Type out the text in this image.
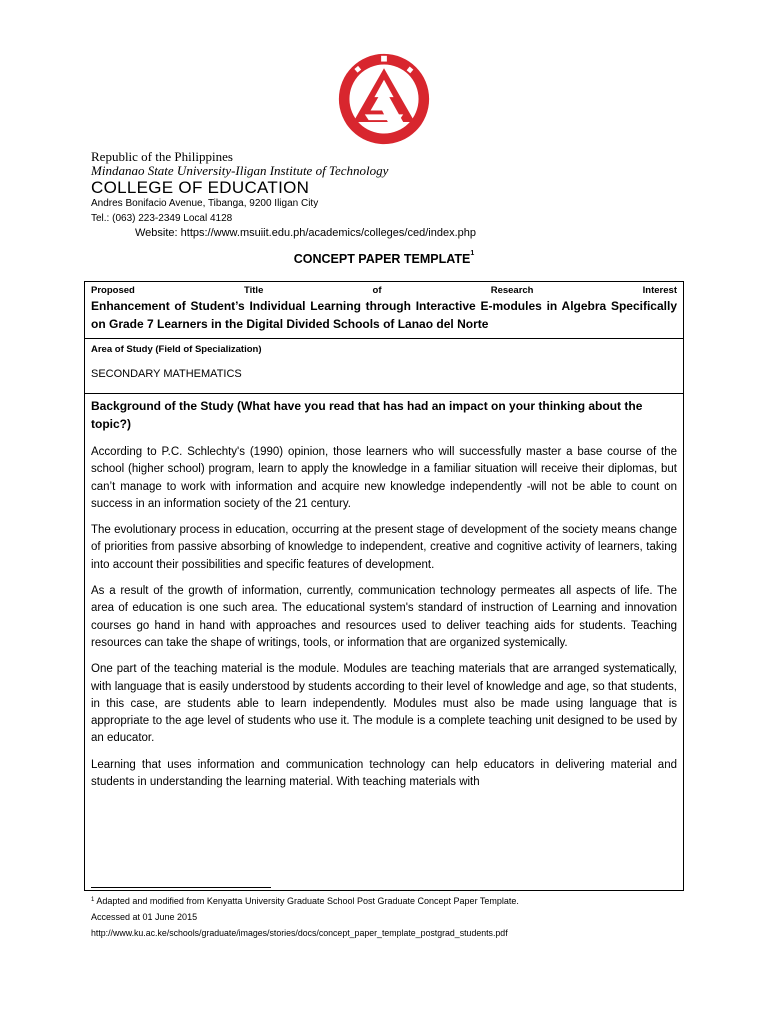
Republic of the Philippines
Mindanao State University-Iligan Institute of Technology
COLLEGE OF EDUCATION
Andres Bonifacio Avenue, Tibanga, 9200 Iligan City
Tel.: (063) 223-2349 Local 4128
Website: https://www.msuiit.edu.ph/academics/colleges/ced/index.php
CONCEPT PAPER TEMPLATE$^1$
Proposed	Title	of	Research	Interest
Enhancement of Student’s Individual Learning through Interactive E-modules in Algebra Specifically on Grade 7 Learners in the Digital Divided Schools of Lanao del Norte
Area of Study (Field of Specialization)
SECONDARY MATHEMATICS
Background of the Study (What have you read that has had an impact on your thinking about the topic?)
According to P.C. Schlechty's (1990) opinion, those learners who will successfully master a base course of the school (higher school) program, learn to apply the knowledge in a familiar situation will receive their diplomas, but can’t manage to work with information and acquire new knowledge independently -will not be able to count on success in an information society of the 21 century.
The evolutionary process in education, occurring at the present stage of development of the society means change of priorities from passive absorbing of knowledge to independent, creative and cognitive activity of learners, taking into account their possibilities and specific features of development.
As a result of the growth of information, currently, communication technology permeates all aspects of life. The area of education is one such area. The educational system's standard of instruction of Learning and innovation courses go hand in hand with approaches and resources used to deliver teaching aids for students. Teaching resources can take the shape of writings, tools, or information that are organized systemically.
One part of the teaching material is the module. Modules are teaching materials that are arranged systematically, with language that is easily understood by students according to their level of knowledge and age, so that students, in this case, are students able to learn independently. Modules must also be made using language that is appropriate to the age level of students who use it. The module is a complete teaching unit designed to be used by an educator.
Learning that uses information and communication technology can help educators in delivering material and students in understanding the learning material. With teaching materials with
$^1$ Adapted and modified from Kenyatta University Graduate School Post Graduate Concept Paper Template.
Accessed at 01 June 2015
http://www.ku.ac.ke/schools/graduate/images/stories/docs/concept_paper_template_postgrad_students.pdf
